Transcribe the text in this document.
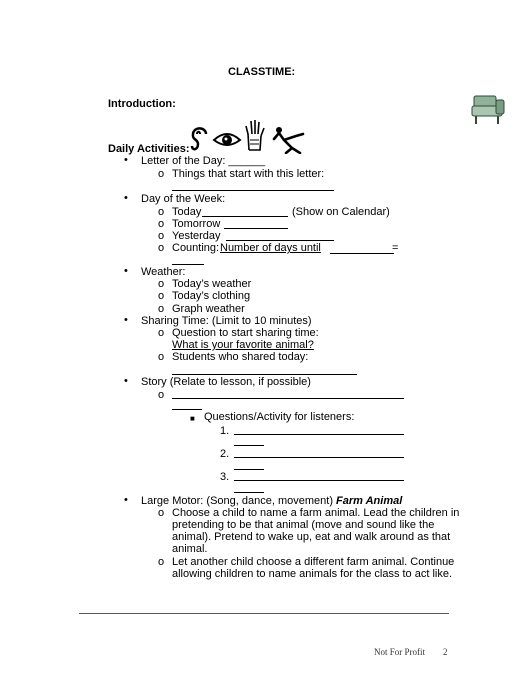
CLASSTIME:
Introduction:
Daily Activities:
• Letter of the Day: ______
o Things that start with this letter:
• Day of the Week:
o Today	(Show on Calendar)
o Tomorrow
o Yesterday
o Counting: Number of days until	=
• Weather:
o Today’s weather
o Today’s clothing
o Graph weather
• Sharing Time: (Limit to 10 minutes)
o Question to start sharing time:
What is your favorite animal?
o Students who shared today:
• Story (Relate to lesson, if possible)
o
■ Questions/Activity for listeners:
1.
2.
3.
• Large Motor: (Song, dance, movement) Farm Animal
o Choose a child to name a farm animal. Lead the children in
pretending to be that animal (move and sound like the
animal). Pretend to wake up, eat and walk around as that
animal.
o Let another child choose a different farm animal. Continue
allowing children to name animals for the class to act like.
Not For Profit 2
